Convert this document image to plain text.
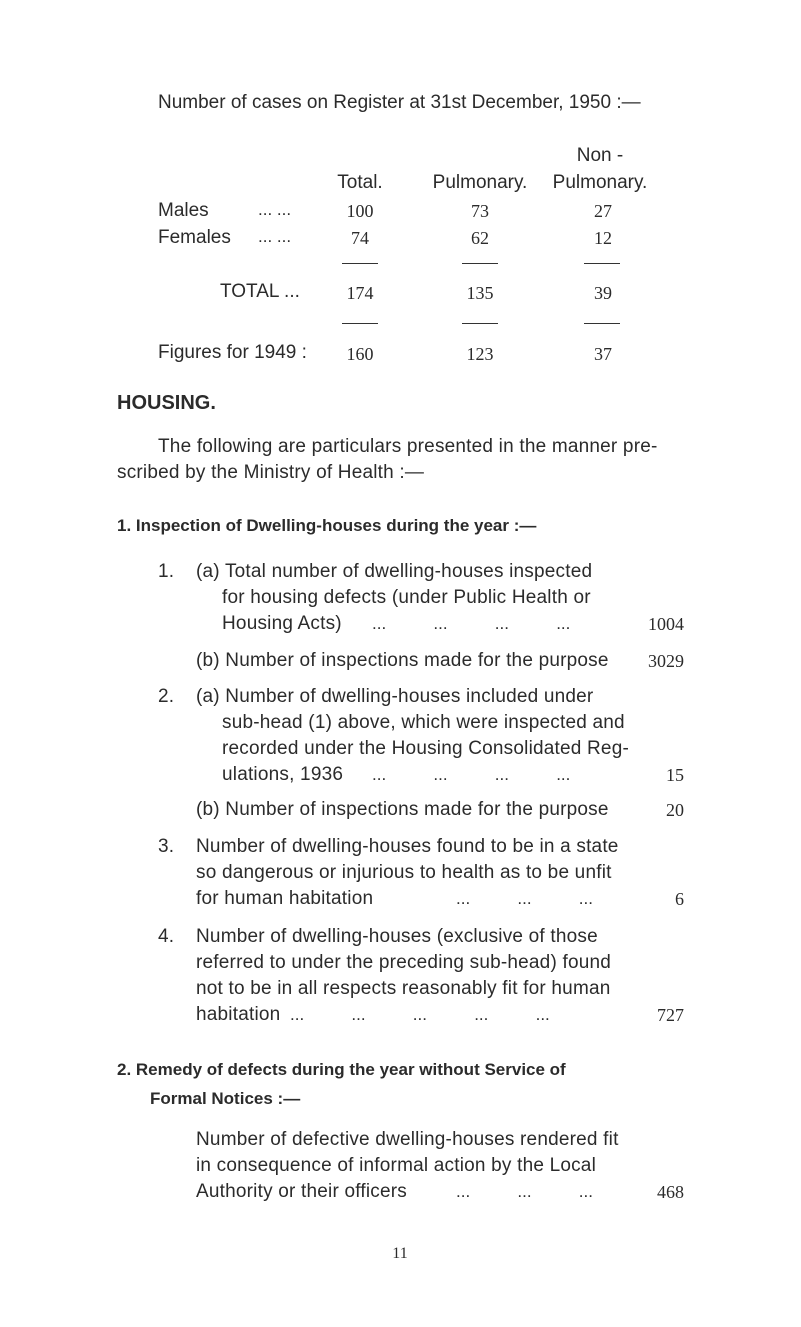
Number of cases on Register at 31st December, 1950 :—
Non -
Total.	Pulmonary.	Pulmonary.
Males	... ...	100	73	27
Females ... ...	74	62	12
TOTAL ...	174	135	39
Figures for 1949 :	160	123	37
HOUSING.
The following are particulars presented in the manner pre-
scribed by the Ministry of Health :—
1. Inspection of Dwelling-houses during the year :—
1. (a) Total number of dwelling-houses inspected
for housing defects (under Public Health or
Housing Acts) ...          ...          ...          ...	1004
(b) Number of inspections made for the purpose	3029
2. (a) Number of dwelling-houses included under
sub-head (1) above, which were inspected and
recorded under the Housing Consolidated Reg-
ulations, 1936 ...          ...          ...          ...	15
(b) Number of inspections made for the purpose	20
3. Number of dwelling-houses found to be in a state
so dangerous or injurious to health as to be unfit
for human habitation	...          ...          ...	6
4. Number of dwelling-houses (exclusive of those
referred to under the preceding sub-head) found
not to be in all respects reasonably fit for human
habitation ...          ...          ...          ...          ...	727
2. Remedy of defects during the year without Service of
Formal Notices :—
Number of defective dwelling-houses rendered fit
in consequence of informal action by the Local
Authority or their officers	...          ...          ...	468
11
